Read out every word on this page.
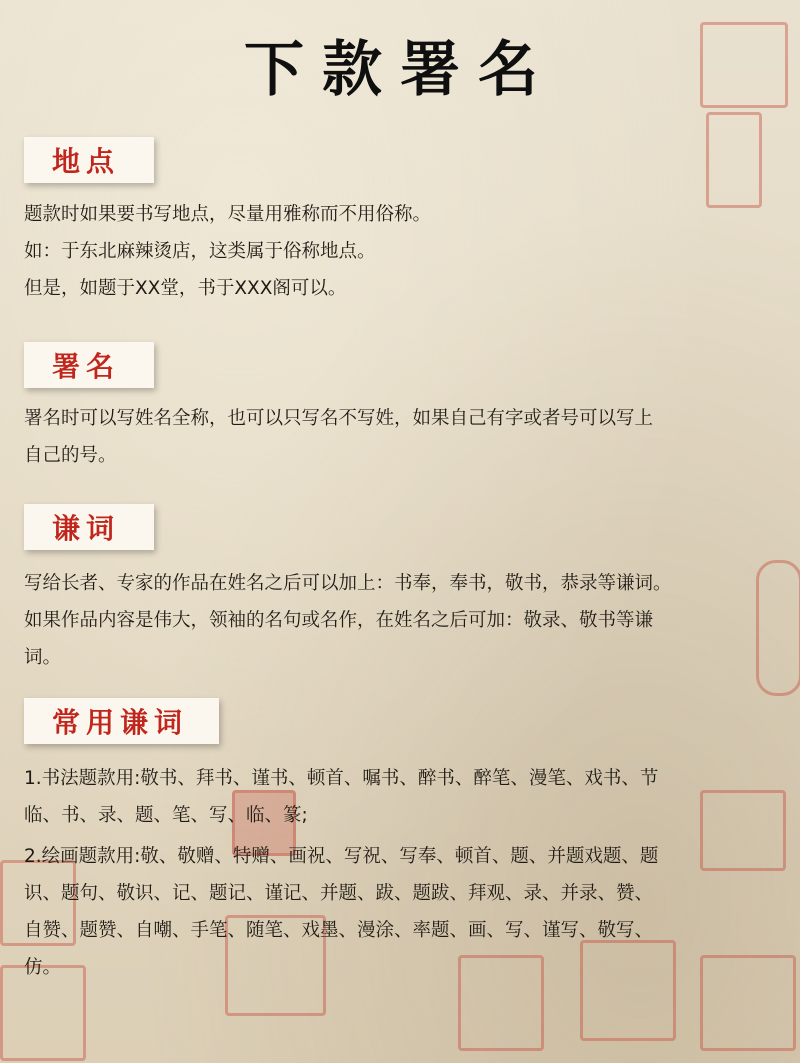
下款署名
地点

题款时如果要书写地点，尽量用雅称而不用俗称。

如：于东北麻辣烫店，这类属于俗称地点。

但是，如题于XX堂，书于XXX阁可以。

署名

署名时可以写姓名全称，也可以只写名不写姓，如果自己有字或者号可以写上

自己的号。

谦词

写给长者、专家的作品在姓名之后可以加上：书奉，奉书，敬书，恭录等谦词。

如果作品内容是伟大，领袖的名句或名作，在姓名之后可加：敬录、敬书等谦

词。

常用谦词

1.书法题款用:敬书、拜书、谨书、顿首、嘱书、醉书、醉笔、漫笔、戏书、节

临、书、录、题、笔、写、临、篆;

2.绘画题款用:敬、敬赠、特赠、画祝、写祝、写奉、顿首、题、并题戏题、题

识、题句、敬识、记、题记、谨记、并题、跋、题跋、拜观、录、并录、赞、

自赞、题赞、自嘲、手笔、随笔、戏墨、漫涂、率题、画、写、谨写、敬写、

仿。
